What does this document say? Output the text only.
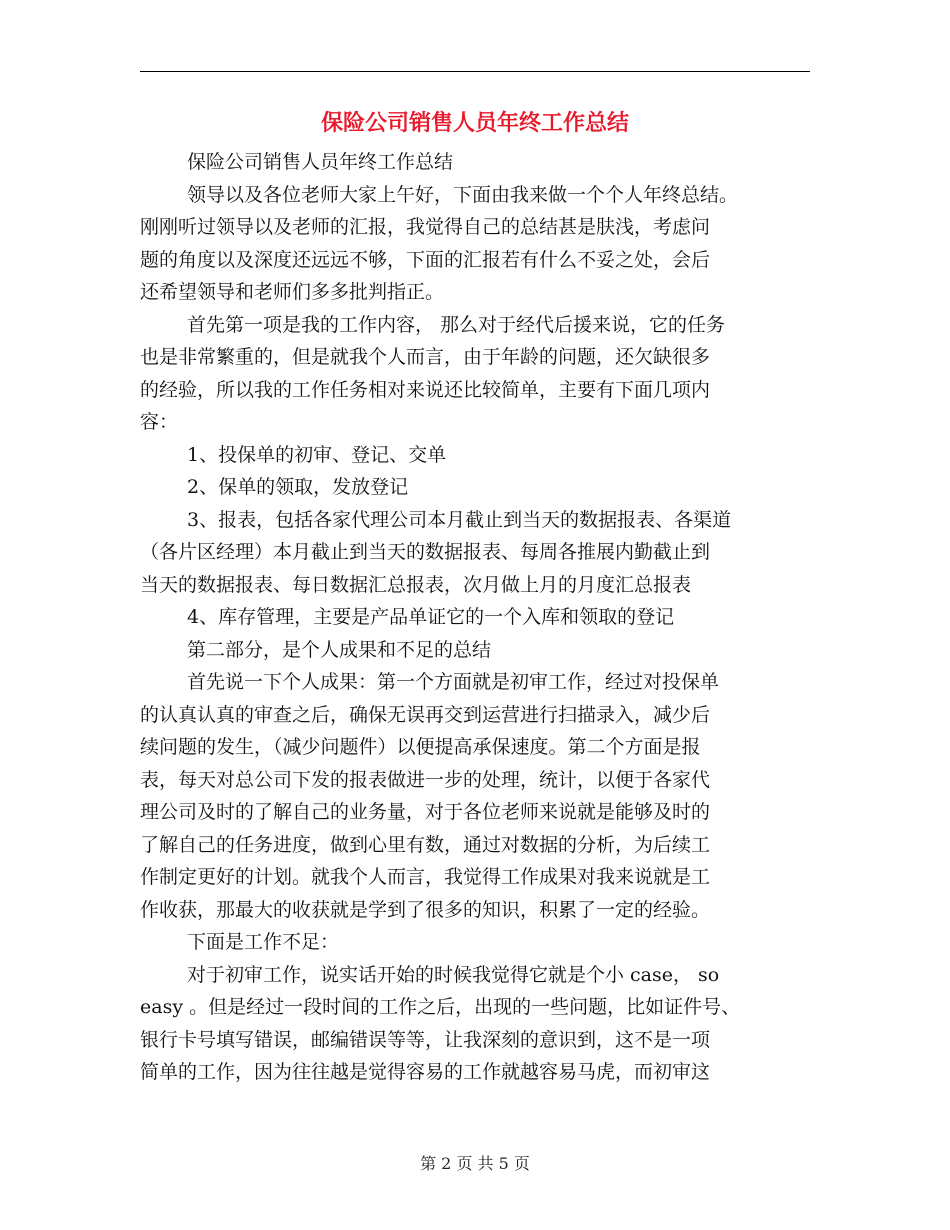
保险公司销售人员年终工作总结

保险公司销售人员年终工作总结

领导以及各位老师大家上午好，下面由我来做一个个人年终总结。

刚刚听过领导以及老师的汇报，我觉得自己的总结甚是肤浅，考虑问

题的角度以及深度还远远不够，下面的汇报若有什么不妥之处，会后

还希望领导和老师们多多批判指正。

首先第一项是我的工作内容， 那么对于经代后援来说，它的任务

也是非常繁重的，但是就我个人而言，由于年龄的问题，还欠缺很多

的经验，所以我的工作任务相对来说还比较简单，主要有下面几项内

容：

1、投保单的初审、登记、交单

2、保单的领取，发放登记

3、报表，包括各家代理公司本月截止到当天的数据报表、各渠道

（各片区经理）本月截止到当天的数据报表、每周各推展内勤截止到

当天的数据报表、每日数据汇总报表，次月做上月的月度汇总报表

4、库存管理，主要是产品单证它的一个入库和领取的登记

第二部分，是个人成果和不足的总结

首先说一下个人成果：第一个方面就是初审工作，经过对投保单

的认真认真的审查之后，确保无误再交到运营进行扫描录入，减少后

续问题的发生，（减少问题件）以便提高承保速度。第二个方面是报

表，每天对总公司下发的报表做进一步的处理，统计，以便于各家代

理公司及时的了解自己的业务量，对于各位老师来说就是能够及时的

了解自己的任务进度，做到心里有数，通过对数据的分析，为后续工

作制定更好的计划。就我个人而言，我觉得工作成果对我来说就是工

作收获，那最大的收获就是学到了很多的知识，积累了一定的经验。

下面是工作不足：

对于初审工作，说实话开始的时候我觉得它就是个小 case， so

easy 。但是经过一段时间的工作之后，出现的一些问题，比如证件号、

银行卡号填写错误，邮编错误等等，让我深刻的意识到，这不是一项

简单的工作，因为往往越是觉得容易的工作就越容易马虎，而初审这

第 2 页 共 5 页
